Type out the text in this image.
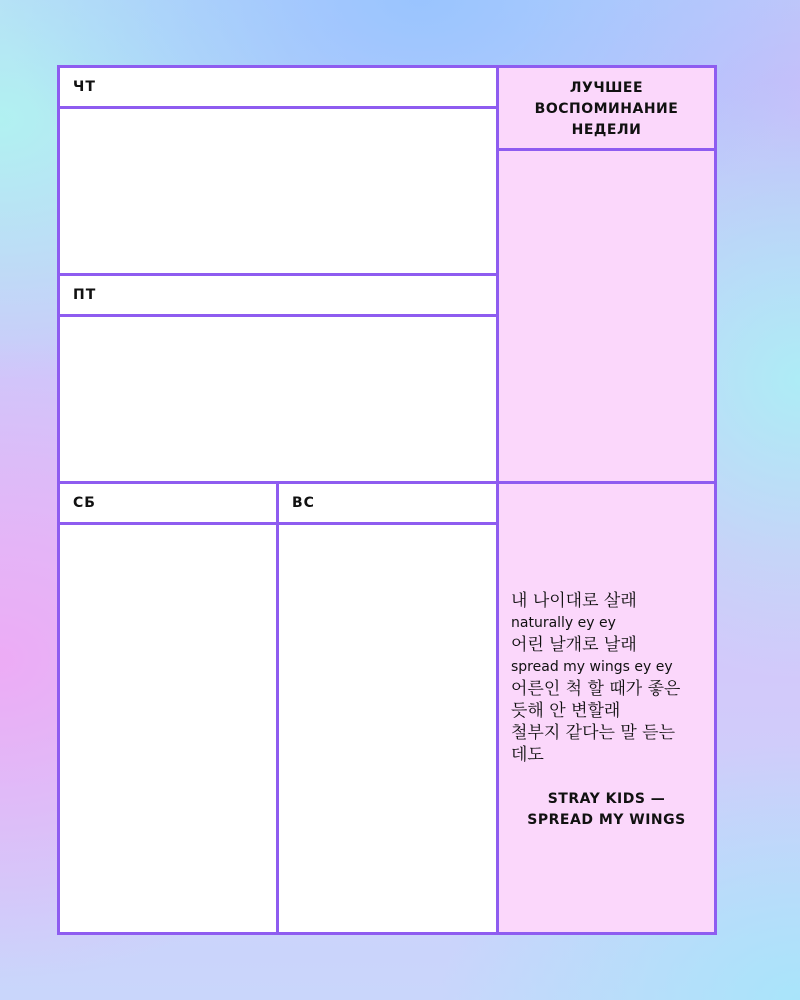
ЧТ
ПТ
СБ	ВС
ЛУЧШЕЕ
ВОСПОМИНАНИЕ
НЕДЕЛИ
내 나이대로 살래
naturally ey ey
어린 날개로 날래
spread my wings ey ey
어른인 척 할 때가 좋은
듯해 안 변할래
철부지 같다는 말 듣는
데도
STRAY KIDS —
SPREAD MY WINGS
